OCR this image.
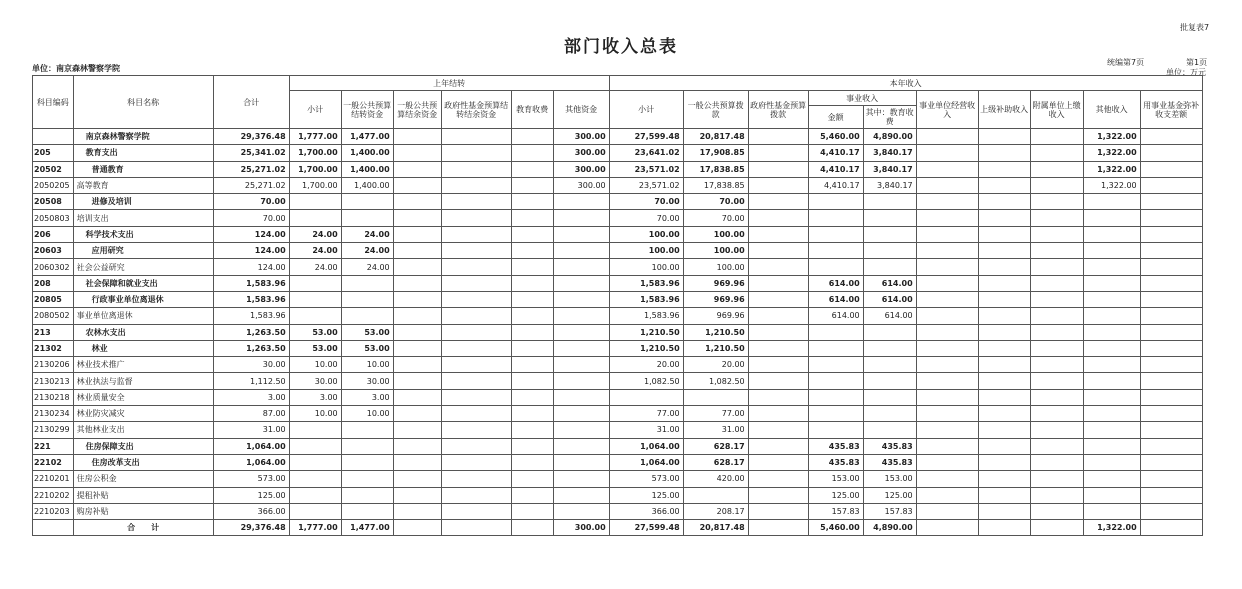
批复表7
部门收入总表
单位：南京森林警察学院
统编第7页	第1页
单位：万元
科目编码	科目名称	合计	上年结转						本年收入									
			小计	一般公共预算结转资金	一般公共预算结余资金	政府性基金预算结转结余资金	教育收费	其他资金	小计	一般公共预算拨款	政府性基金预算拨款	事业收入		事业单位经营收入	上级补助收入	附属单位上缴收入	其他收入	用事业基金弥补收支差额
												金额	其中：教育收费					
	南京森林警察学院	29,376.48	1,777.00	1,477.00				300.00	27,599.48	20,817.48		5,460.00	4,890.00				1,322.00	
205	教育支出	25,341.02	1,700.00	1,400.00				300.00	23,641.02	17,908.85		4,410.17	3,840.17				1,322.00	
20502	普通教育	25,271.02	1,700.00	1,400.00				300.00	23,571.02	17,838.85		4,410.17	3,840.17				1,322.00	
2050205	高等教育	25,271.02	1,700.00	1,400.00				300.00	23,571.02	17,838.85		4,410.17	3,840.17				1,322.00	
20508	进修及培训	70.00							70.00	70.00								
2050803	培训支出	70.00							70.00	70.00								
206	科学技术支出	124.00	24.00	24.00					100.00	100.00								
20603	应用研究	124.00	24.00	24.00					100.00	100.00								
2060302	社会公益研究	124.00	24.00	24.00					100.00	100.00								
208	社会保障和就业支出	1,583.96							1,583.96	969.96		614.00	614.00					
20805	行政事业单位离退休	1,583.96							1,583.96	969.96		614.00	614.00					
2080502	事业单位离退休	1,583.96							1,583.96	969.96		614.00	614.00					
213	农林水支出	1,263.50	53.00	53.00					1,210.50	1,210.50								
21302	林业	1,263.50	53.00	53.00					1,210.50	1,210.50								
2130206	林业技术推广	30.00	10.00	10.00					20.00	20.00								
2130213	林业执法与监督	1,112.50	30.00	30.00					1,082.50	1,082.50								
2130218	林业质量安全	3.00	3.00	3.00														
2130234	林业防灾减灾	87.00	10.00	10.00					77.00	77.00								
2130299	其他林业支出	31.00							31.00	31.00								
221	住房保障支出	1,064.00							1,064.00	628.17		435.83	435.83					
22102	住房改革支出	1,064.00							1,064.00	628.17		435.83	435.83					
2210201	住房公积金	573.00							573.00	420.00		153.00	153.00					
2210202	提租补贴	125.00							125.00			125.00	125.00					
2210203	购房补贴	366.00							366.00	208.17		157.83	157.83					
	合　　计	29,376.48	1,777.00	1,477.00				300.00	27,599.48	20,817.48		5,460.00	4,890.00				1,322.00	
